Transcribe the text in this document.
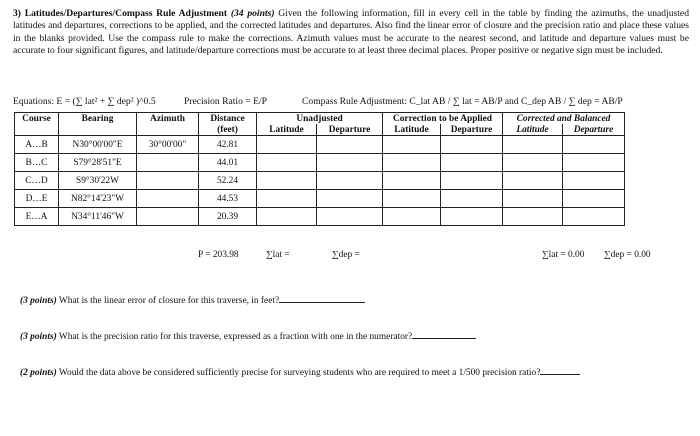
3) Latitudes/Departures/Compass Rule Adjustment (34 points) Given the following information, fill in every cell in the table by finding the azimuths, the unadjusted latitudes and departures, corrections to be applied, and the corrected latitudes and departures. Also find the linear error of closure and the precision ratio and place these values in the blanks provided. Use the compass rule to make the corrections. Azimuth values must be accurate to the nearest second, and latitude and departure values must be accurate to four significant figures, and latitude/departure corrections must be accurate to at least three decimal places. Proper positive or negative sign must be included.
Equations: E = (∑ lat² + ∑ dep² )^0.5	Precision Ratio = E/P	Compass Rule Adjustment: C_lat AB / ∑ lat = AB/P and C_dep AB / ∑ dep = AB/P
Course	Bearing	Azimuth	Distance	Unadjusted		Correction to be Applied		Corrected and Balanced	
			(feet)	Latitude	Departure	Latitude	Departure	Latitude	Departure
A…B	N30°00'00"E	30°00'00"	42.81						
B…C	S79°28'51"E		44.01						
C…D	S9°30'22W		52.24						
D…E	N82°14'23"W		44.53						
E…A	N34°11'46"W		20.39						
P = 203.98	∑lat =	∑dep =	∑lat = 0.00 ∑dep = 0.00
(3 points) What is the linear error of closure for this traverse, in feet?
(3 points) What is the precision ratio for this traverse, expressed as a fraction with one in the numerator?
(2 points) Would the data above be considered sufficiently precise for surveying students who are required to meet a 1/500 precision ratio?
